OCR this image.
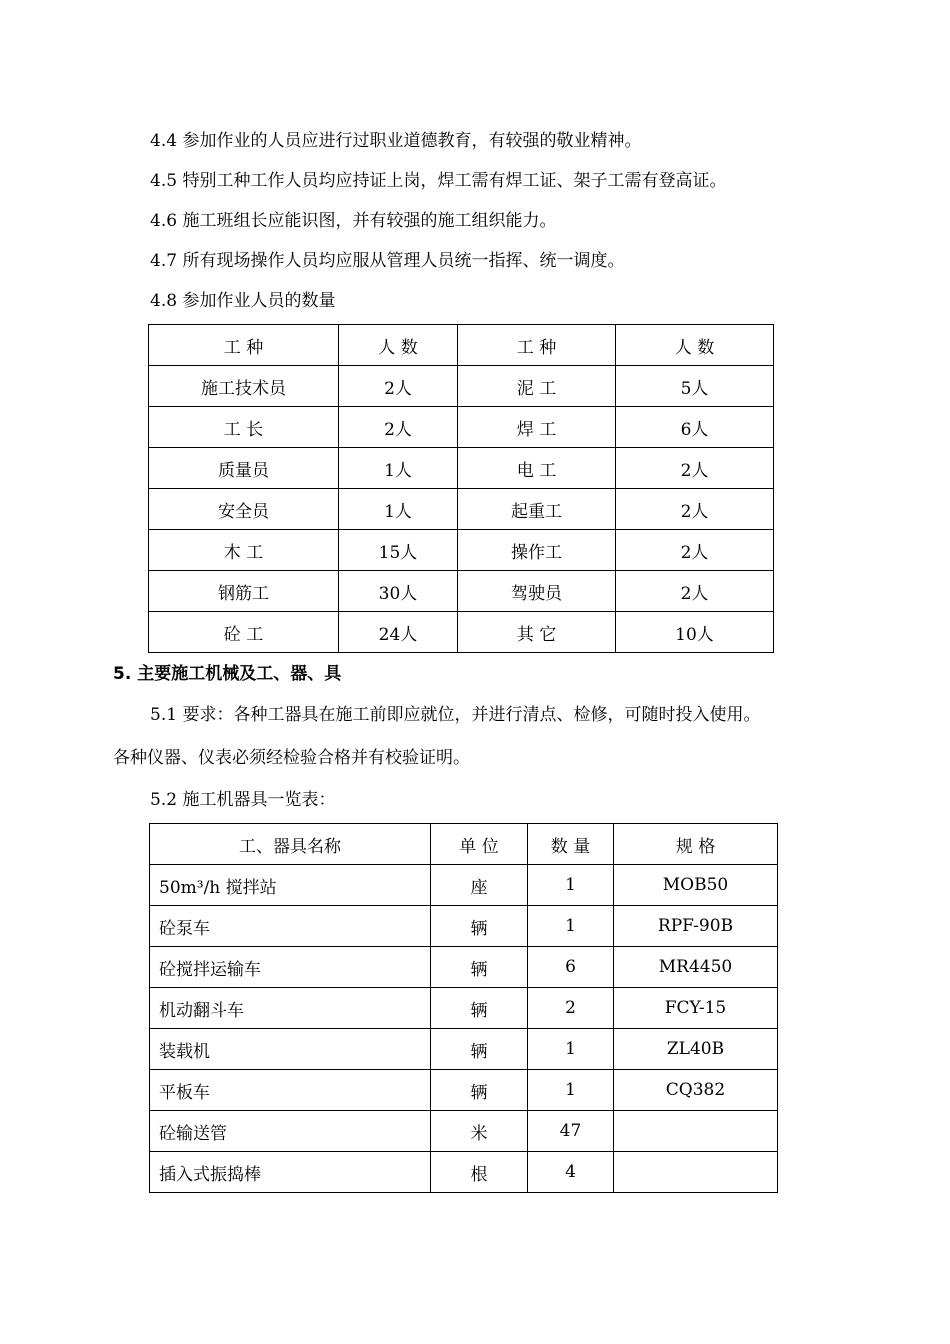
4.4 参加作业的人员应进行过职业道德教育，有较强的敬业精神。
4.5 特别工种工作人员均应持证上岗，焊工需有焊工证、架子工需有登高证。
4.6 施工班组长应能识图，并有较强的施工组织能力。
4.7 所有现场操作人员均应服从管理人员统一指挥、统一调度。
4.8 参加作业人员的数量
工 种	人 数	工 种	人 数
施工技术员	2人	泥 工	5人
工 长	2人	焊 工	6人
质量员	1人	电 工	2人
安全员	1人	起重工	2人
木 工	15人	操作工	2人
钢筋工	30人	驾驶员	2人
砼 工	24人	其 它	10人
5. 主要施工机械及工、器、具
5.1 要求：各种工器具在施工前即应就位，并进行清点、检修，可随时投入使用。
各种仪器、仪表必须经检验合格并有校验证明。
5.2 施工机器具一览表：
工、器具名称	单 位	数 量	规 格
50m³/h 搅拌站	座	1	MOB50
砼泵车	辆	1	RPF-90B
砼搅拌运输车	辆	6	MR4450
机动翻斗车	辆	2	FCY-15
装载机	辆	1	ZL40B
平板车	辆	1	CQ382
砼输送管	米	47	
插入式振捣棒	根	4	
